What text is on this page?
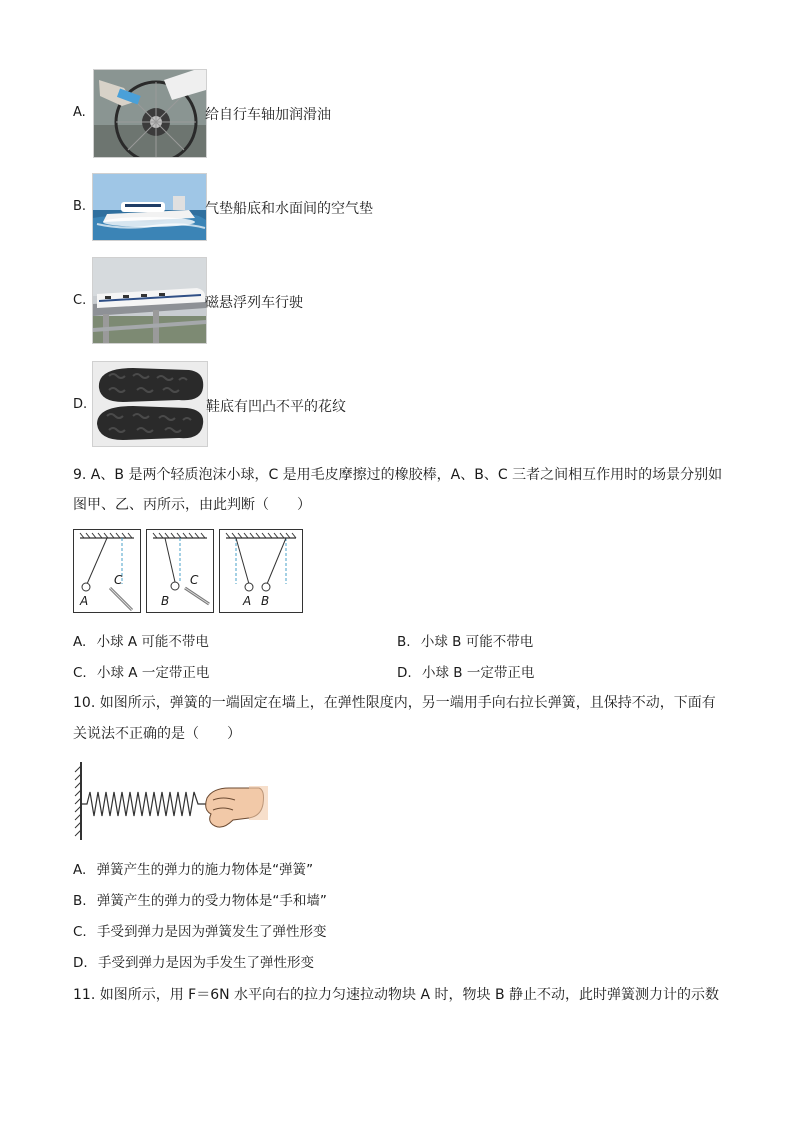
A.	给自行车轴加润滑油
B.	气垫船底和水面间的空气垫
C.	磁悬浮列车行驶
D.	鞋底有凹凸不平的花纹
9. A、B 是两个轻质泡沫小球，C 是用毛皮摩擦过的橡胶棒，A、B、C 三者之间相互作用时的场景分别如
图甲、乙、丙所示，由此判断（　　）
A
C
B
C
A B
A. 小球 A 可能不带电	B. 小球 B 可能不带电
C. 小球 A 一定带正电	D. 小球 B 一定带正电
10. 如图所示，弹簧的一端固定在墙上，在弹性限度内，另一端用手向右拉长弹簧，且保持不动，下面有
关说法不正确的是（　　）
A. 弹簧产生的弹力的施力物体是“弹簧”
B. 弹簧产生的弹力的受力物体是“手和墙”
C. 手受到弹力是因为弹簧发生了弹性形变
D. 手受到弹力是因为手发生了弹性形变
11. 如图所示，用 F＝6N 水平向右的拉力匀速拉动物块 A 时，物块 B 静止不动，此时弹簧测力计的示数
